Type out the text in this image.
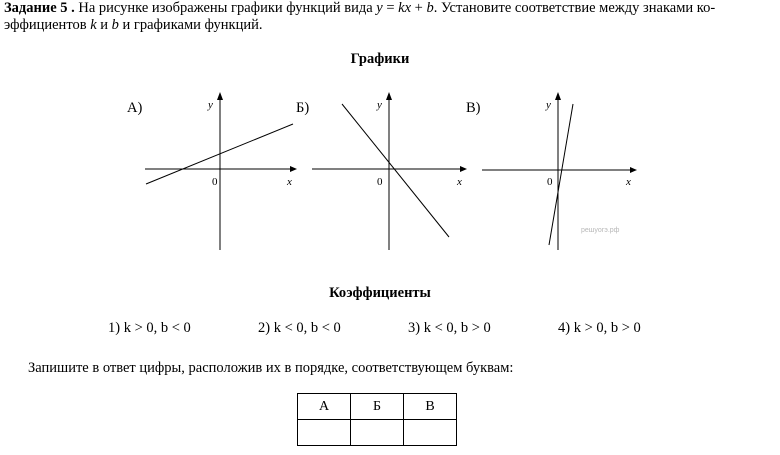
Задание 5 . На рисунке изображены графики функций вида y = kx + b. Установите соответствие между знаками ко-
эффициентов k и b и графиками функций.
Графики
А)	y
x
0
Б)	y
x
0
В)	y
x
0
решуогэ.рф
Коэффициенты
1) k > 0, b < 0	2) k < 0, b < 0	3) k < 0, b > 0	4) k > 0, b > 0
Запишите в ответ цифры, расположив их в порядке, соответствующем буквам:
А	Б	В
